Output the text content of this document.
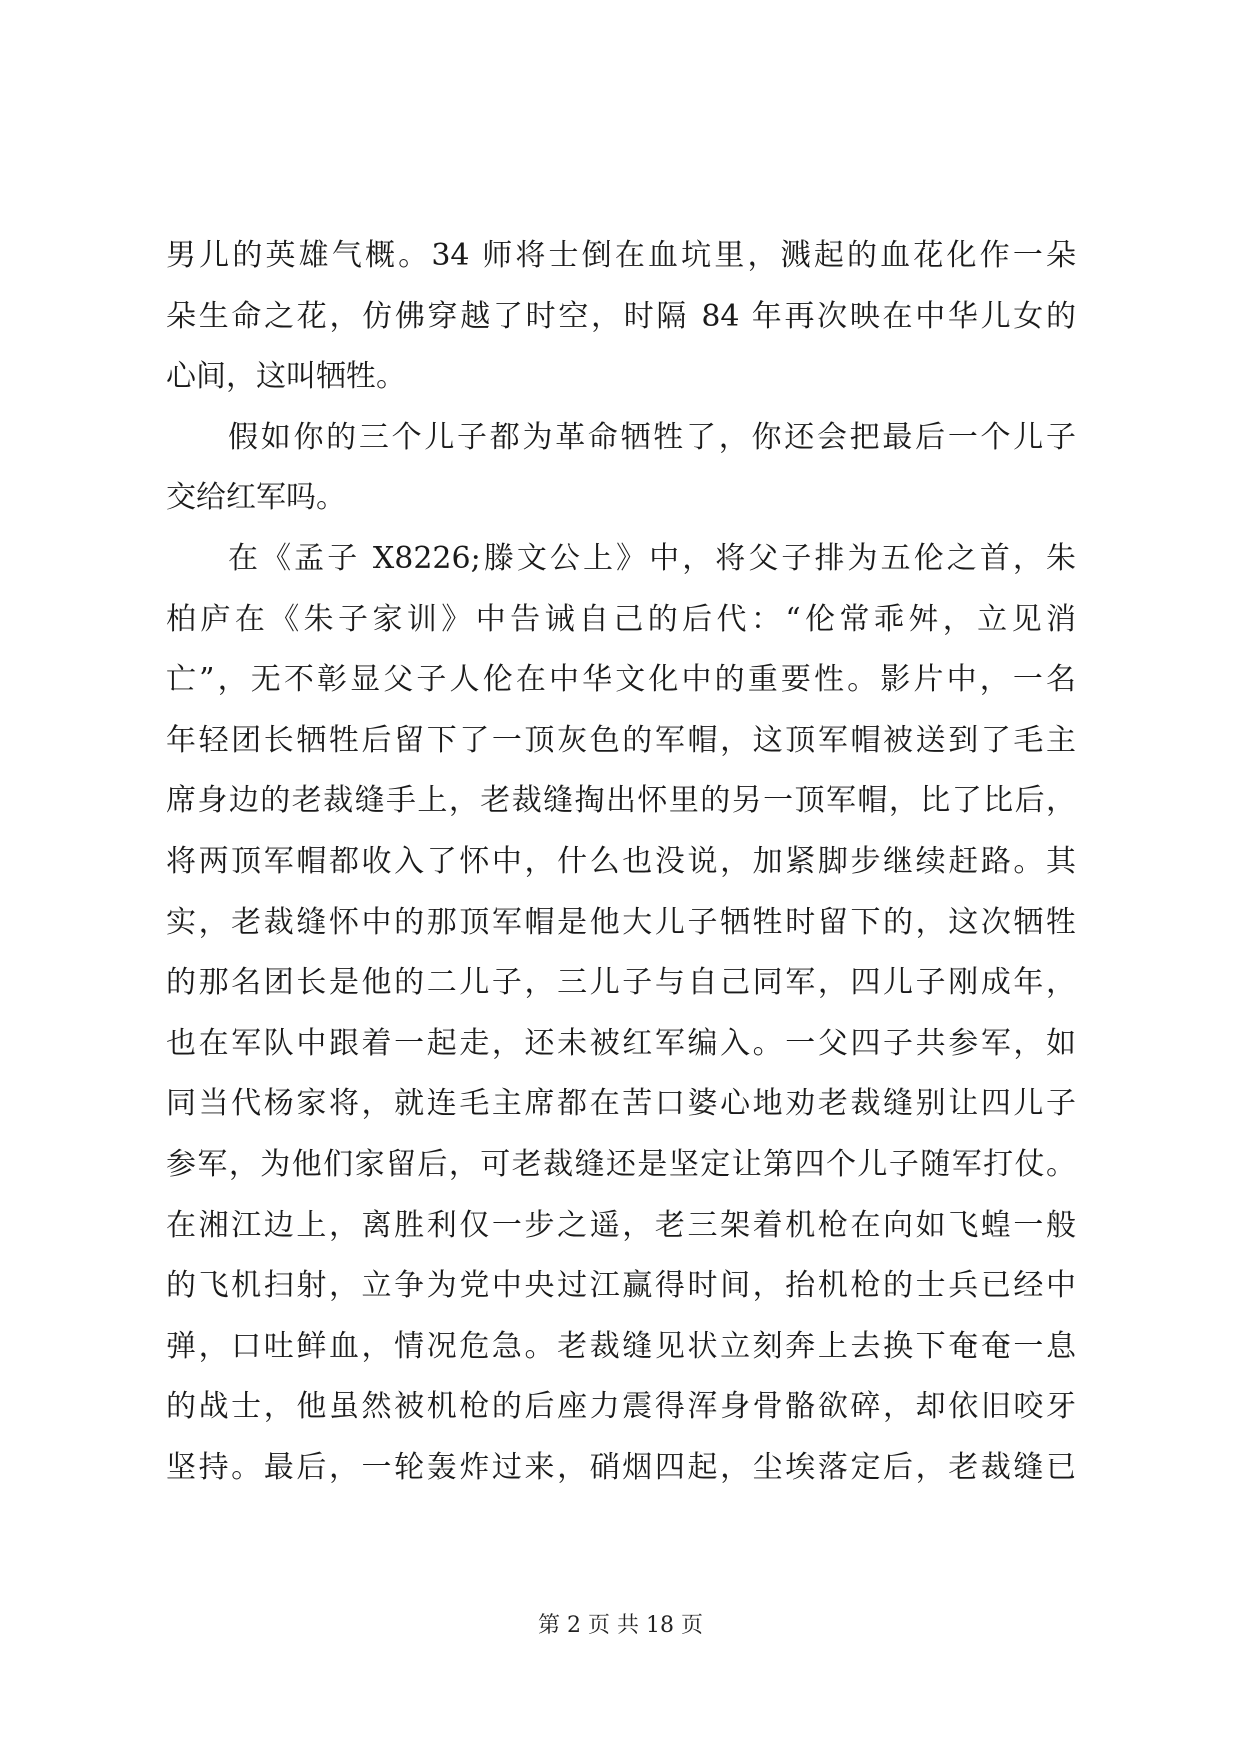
男儿的英雄气概。34 师将士倒在血坑里，溅起的血花化作一朵
朵生命之花，仿佛穿越了时空，时隔 84 年再次映在中华儿女的
心间，这叫牺牲。
假如你的三个儿子都为革命牺牲了，你还会把最后一个儿子
交给红军吗。
在《孟子 X8226;滕文公上》中，将父子排为五伦之首，朱
柏庐在《朱子家训》中告诫自己的后代：“伦常乖舛，立见消
亡”，无不彰显父子人伦在中华文化中的重要性。影片中，一名
年轻团长牺牲后留下了一顶灰色的军帽，这顶军帽被送到了毛主
席身边的老裁缝手上，老裁缝掏出怀里的另一顶军帽，比了比后，
将两顶军帽都收入了怀中，什么也没说，加紧脚步继续赶路。其
实，老裁缝怀中的那顶军帽是他大儿子牺牲时留下的，这次牺牲
的那名团长是他的二儿子，三儿子与自己同军，四儿子刚成年，
也在军队中跟着一起走，还未被红军编入。一父四子共参军，如
同当代杨家将，就连毛主席都在苦口婆心地劝老裁缝别让四儿子
参军，为他们家留后，可老裁缝还是坚定让第四个儿子随军打仗。
在湘江边上，离胜利仅一步之遥，老三架着机枪在向如飞蝗一般
的飞机扫射，立争为党中央过江赢得时间，抬机枪的士兵已经中
弹，口吐鲜血，情况危急。老裁缝见状立刻奔上去换下奄奄一息
的战士，他虽然被机枪的后座力震得浑身骨骼欲碎，却依旧咬牙
坚持。最后，一轮轰炸过来，硝烟四起，尘埃落定后，老裁缝已
第 2 页 共 18 页
